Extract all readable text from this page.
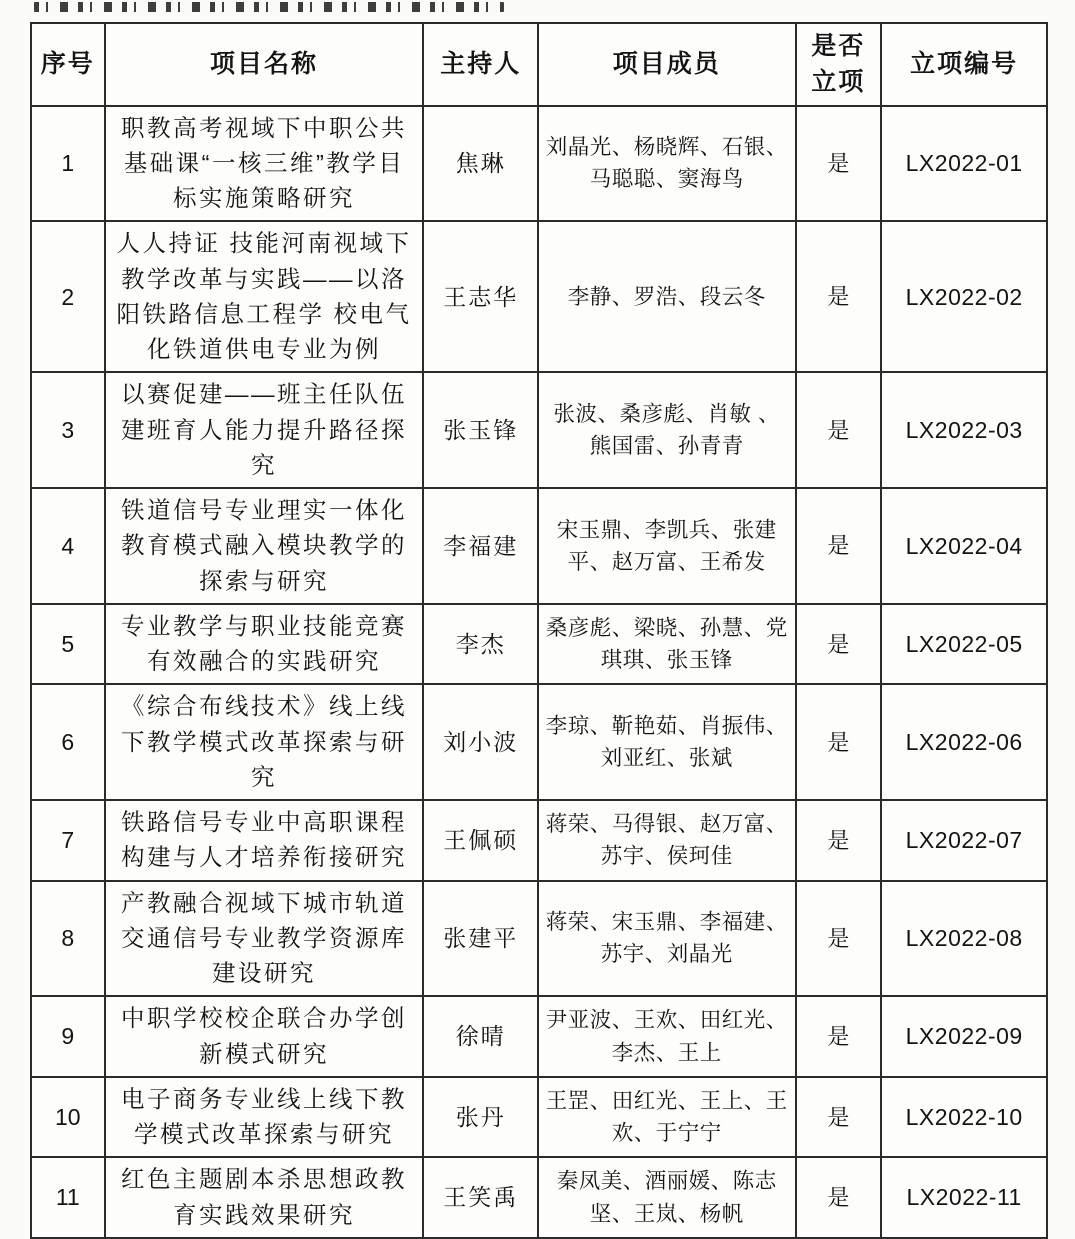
序号	项目名称	主持人	项目成员	是否立项	立项编号
1	职教高考视域下中职公共基础课“一核三维”教学目标实施策略研究	焦琳	刘晶光、杨晓辉、石银、马聪聪、窦海鸟	是	LX2022-01
2	人人持证 技能河南视域下教学改革与实践——以洛阳铁路信息工程学 校电气化铁道供电专业为例	王志华	李静、罗浩、段云冬	是	LX2022-02
3	以赛促建——班主任队伍建班育人能力提升路径探究	张玉锋	张波、桑彦彪、肖敏 、熊国雷、孙青青	是	LX2022-03
4	铁道信号专业理实一体化教育模式融入模块教学的探索与研究	李福建	宋玉鼎、李凯兵、张建平、赵万富、王希发	是	LX2022-04
5	专业教学与职业技能竞赛有效融合的实践研究	李杰	桑彦彪、梁晓、孙慧、党琪琪、张玉锋	是	LX2022-05
6	《综合布线技术》线上线下教学模式改革探索与研究	刘小波	李琼、靳艳茹、肖振伟、刘亚红、张斌	是	LX2022-06
7	铁路信号专业中高职课程构建与人才培养衔接研究	王佩硕	蒋荣、马得银、赵万富、苏宇、侯珂佳	是	LX2022-07
8	产教融合视域下城市轨道交通信号专业教学资源库建设研究	张建平	蒋荣、宋玉鼎、李福建、苏宇、刘晶光	是	LX2022-08
9	中职学校校企联合办学创新模式研究	徐晴	尹亚波、王欢、田红光、李杰、王上	是	LX2022-09
10	电子商务专业线上线下教学模式改革探索与研究	张丹	王罡、田红光、王上、王欢、于宁宁	是	LX2022-10
11	红色主题剧本杀思想政教育实践效果研究	王笑禹	秦凤美、酒丽媛、陈志坚、王岚、杨帆	是	LX2022-11
